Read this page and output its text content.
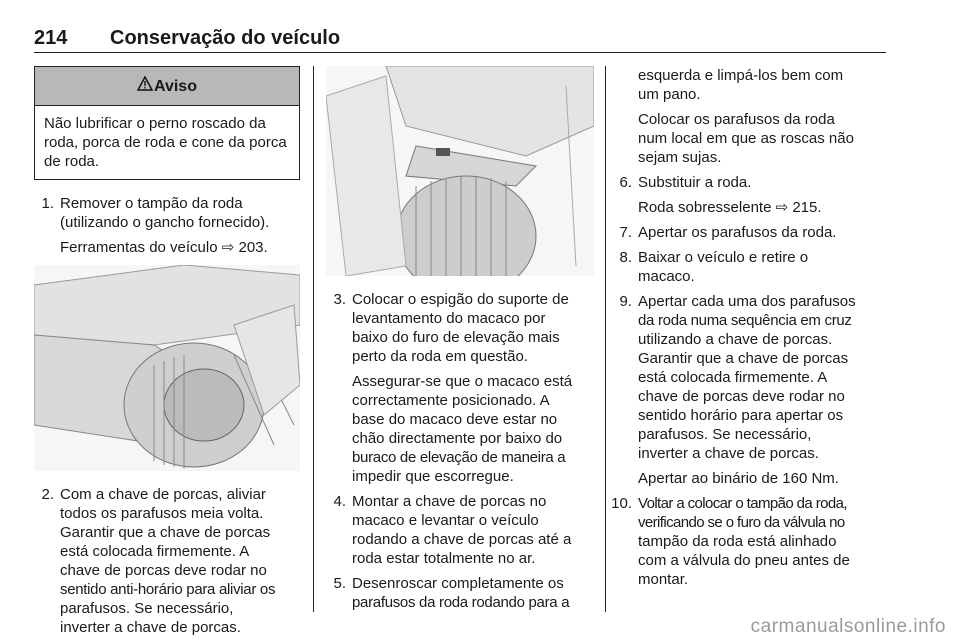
214 Conservação do veículo
Aviso
Não lubrificar o perno roscado da roda, porca de roda e cone da porca de roda.
1. Remover o tampão da roda
(utilizando o gancho fornecido).
Ferramentas do veículo ⇨ 203.
2. Com a chave de porcas, aliviar
todos os parafusos meia volta.
Garantir que a chave de porcas
está colocada firmemente. A
chave de porcas deve rodar no
sentido anti-horário para aliviar os
parafusos. Se necessário,
inverter a chave de porcas.
3. Colocar o espigão do suporte de
levantamento do macaco por
baixo do furo de elevação mais
perto da roda em questão.
Assegurar-se que o macaco está
correctamente posicionado. A
base do macaco deve estar no
chão directamente por baixo do
buraco de elevação de maneira a
impedir que escorregue.
4. Montar a chave de porcas no
macaco e levantar o veículo
rodando a chave de porcas até a
roda estar totalmente no ar.
5. Desenroscar completamente os
parafusos da roda rodando para a
esquerda e limpá-los bem com
um pano.
Colocar os parafusos da roda
num local em que as roscas não
sejam sujas.
6. Substituir a roda.
Roda sobresselente ⇨ 215.
7. Apertar os parafusos da roda.
8. Baixar o veículo e retire o
macaco.
9. Apertar cada uma dos parafusos
da roda numa sequência em cruz
utilizando a chave de porcas.
Garantir que a chave de porcas
está colocada firmemente. A
chave de porcas deve rodar no
sentido horário para apertar os
parafusos. Se necessário,
inverter a chave de porcas.
Apertar ao binário de 160 Nm.
10. Voltar a colocar o tampão da roda,
verificando se o furo da válvula no
tampão da roda está alinhado
com a válvula do pneu antes de
montar.
carmanualsonline.info
